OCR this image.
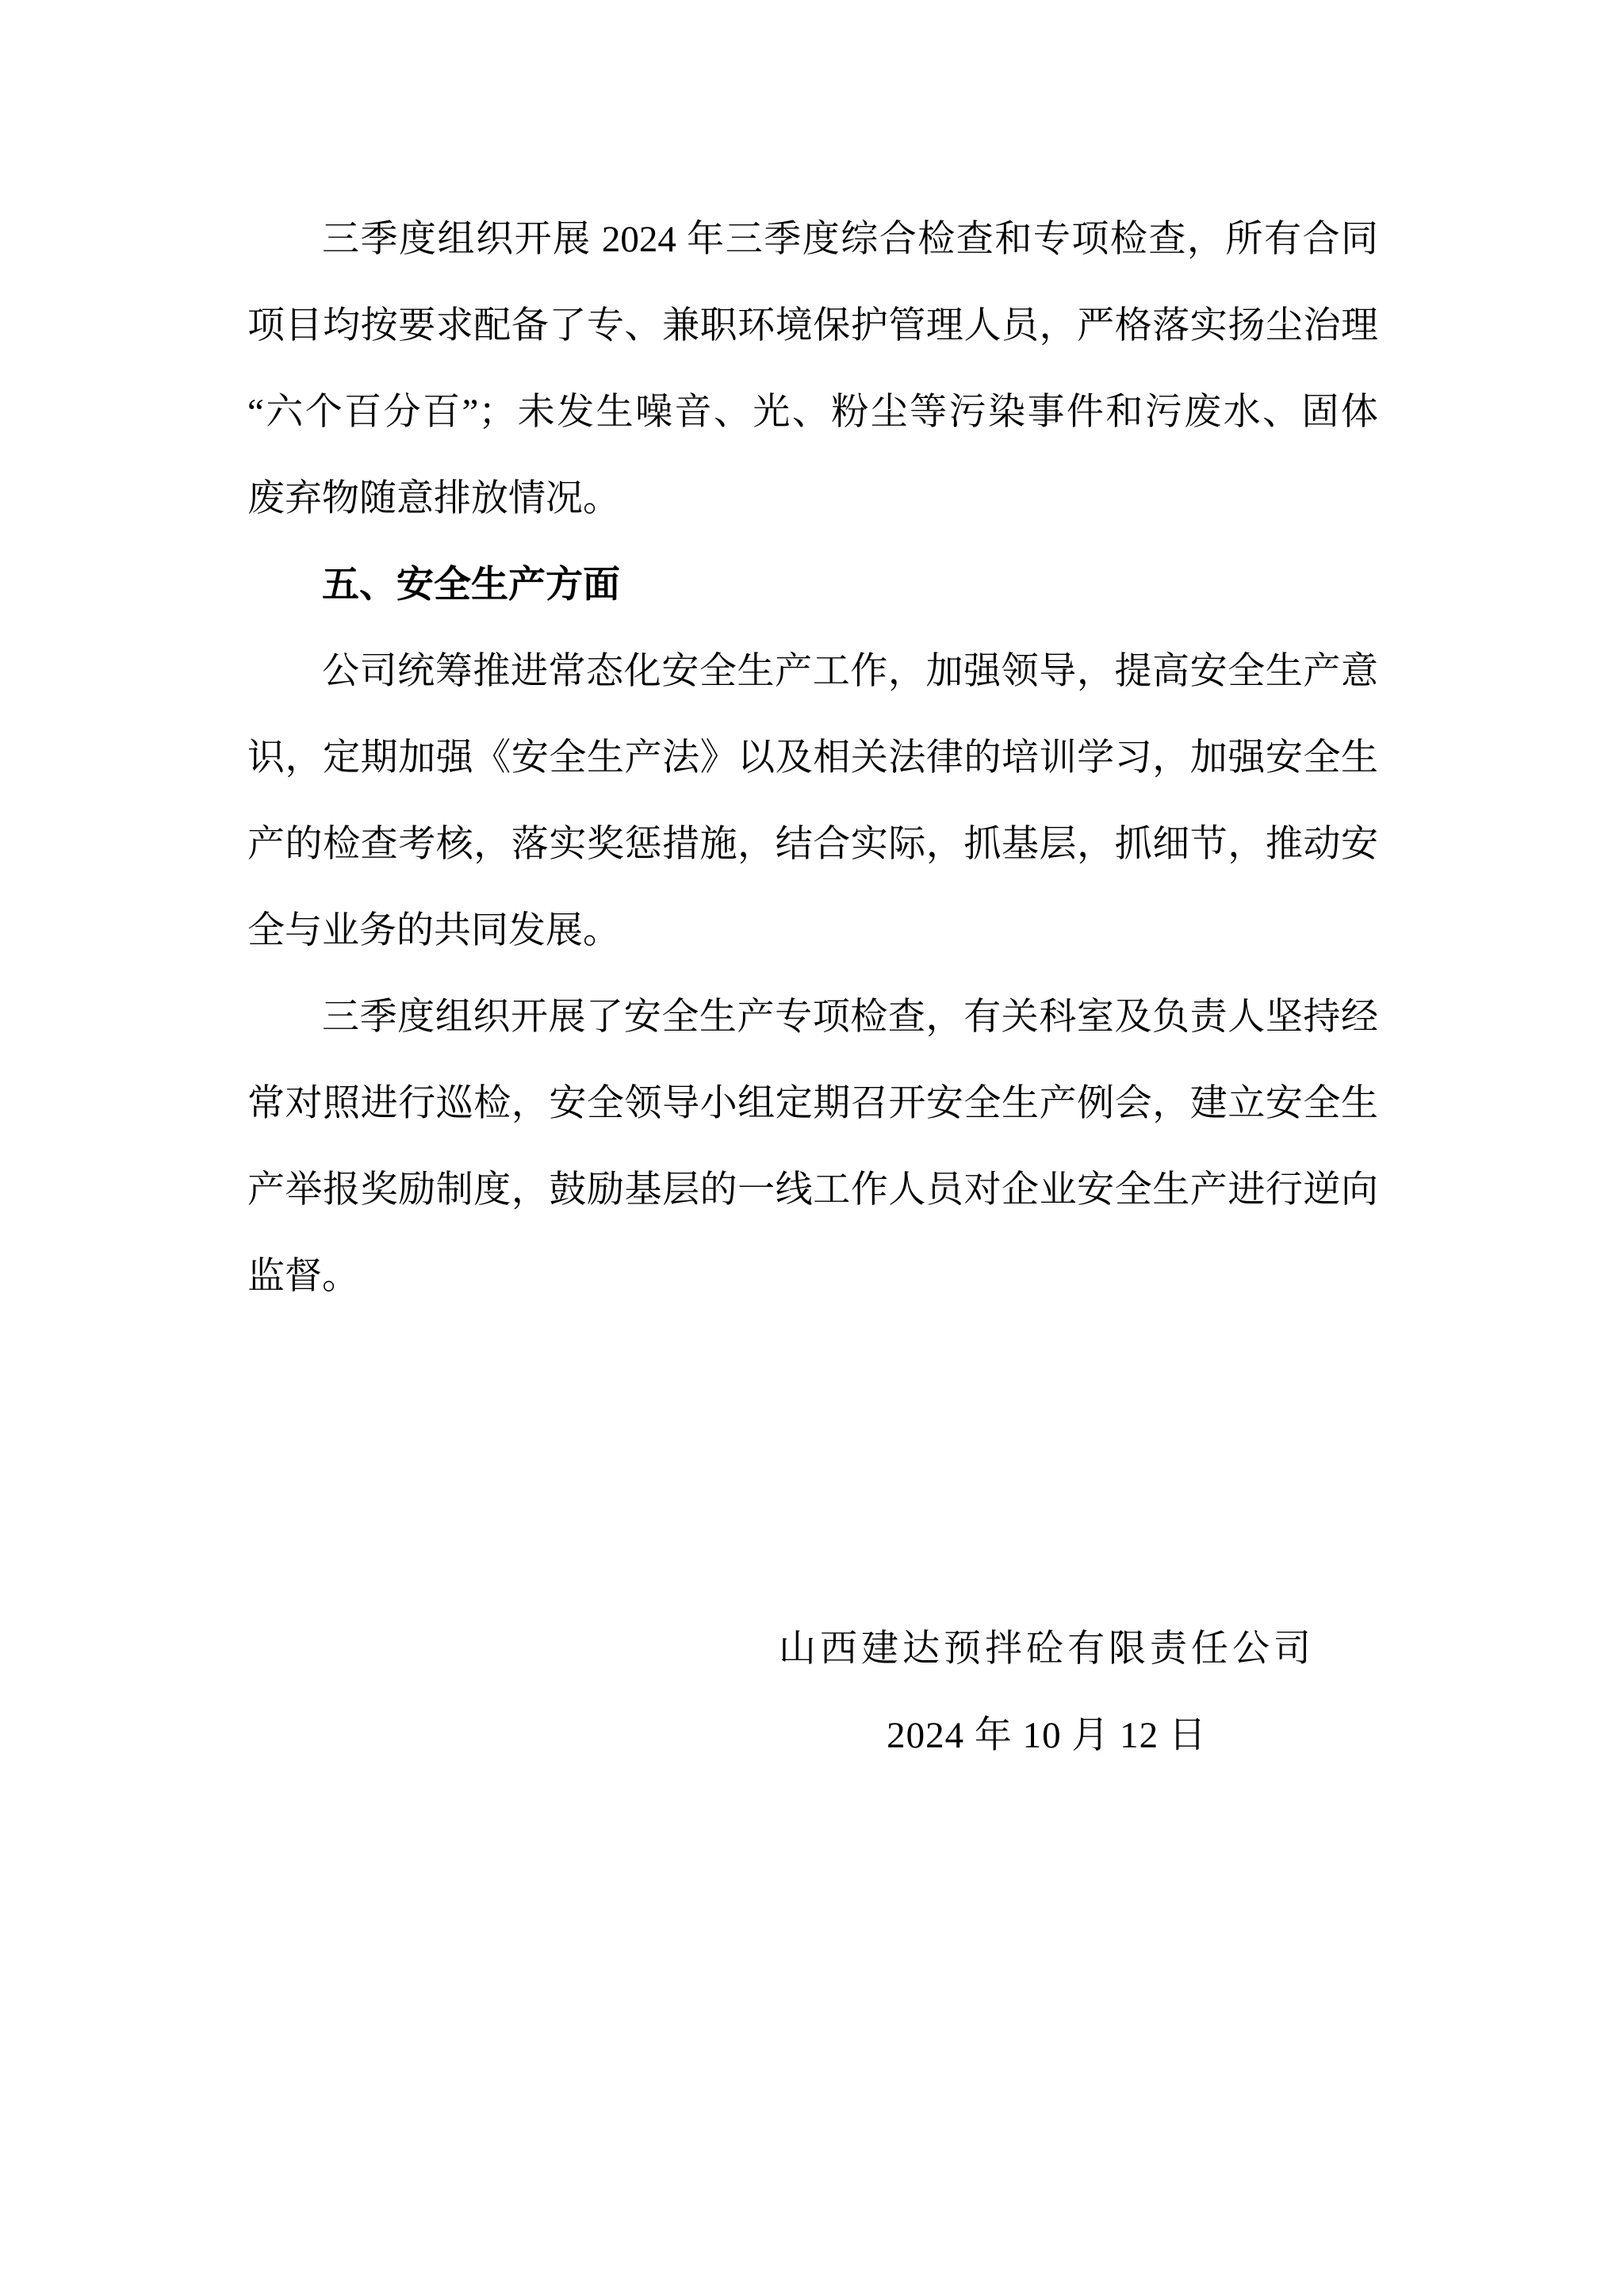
三季度组织开展 2024 年三季度综合检查和专项检查，所有合同
项目均按要求配备了专、兼职环境保护管理人员，严格落实扬尘治理
“六个百分百”；未发生噪音、光、粉尘等污染事件和污废水、固体
废弃物随意排放情况。
五、安全生产方面
公司统筹推进常态化安全生产工作，加强领导，提高安全生产意
识，定期加强《安全生产法》以及相关法律的培训学习，加强安全生
产的检查考核，落实奖惩措施，结合实际，抓基层，抓细节，推动安
全与业务的共同发展。
三季度组织开展了安全生产专项检查，有关科室及负责人坚持经
常对照进行巡检，安全领导小组定期召开安全生产例会，建立安全生
产举报奖励制度，鼓励基层的一线工作人员对企业安全生产进行逆向
监督。
山西建达预拌砼有限责任公司
2024 年 10 月 12 日
